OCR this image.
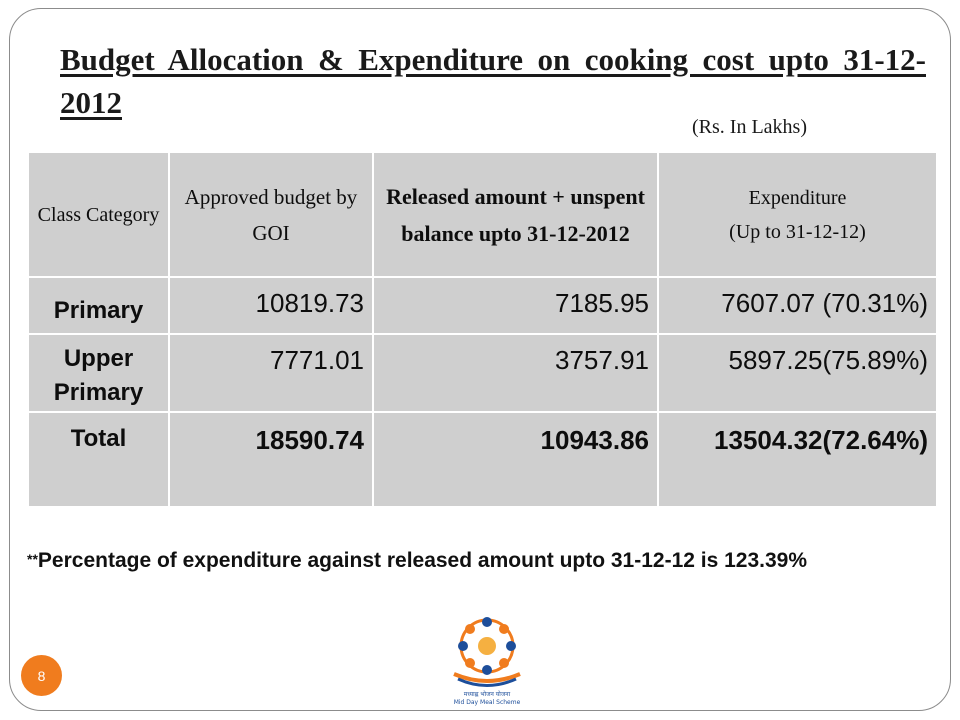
Budget Allocation & Expenditure on cooking cost upto 31-12-2012
(Rs. In Lakhs)
Class Category	Approved budget by GOI	Released amount + unspent balance upto 31-12-2012	Expenditure
(Up to 31-12-12)

Primary	10819.73	7185.95	7607.07 (70.31%)
Upper Primary	7771.01	3757.91	5897.25(75.89%)
Total	18590.74	10943.86	13504.32(72.64%)
**Percentage of expenditure against released amount upto 31-12-12 is 123.39%
8
मध्याह्न भोजन योजना
Mid Day Meal Scheme
